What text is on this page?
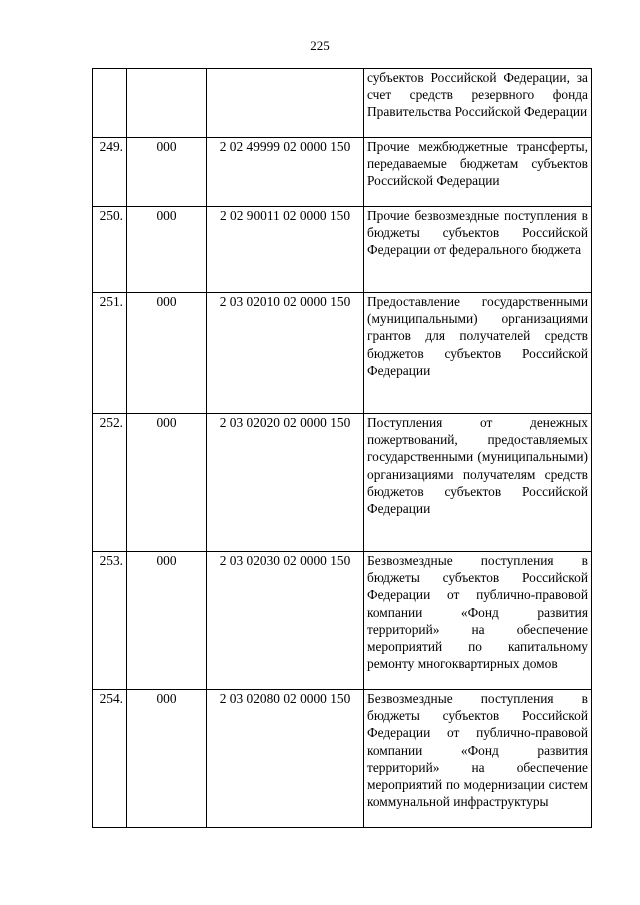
225
			субъектов Российской Федерации, за счет средств резервного фонда Правительства Российской Федерации
249.	000	2 02 49999 02 0000 150	Прочие межбюджетные трансферты, передаваемые бюджетам субъектов Российской Федерации
250.	000	2 02 90011 02 0000 150	Прочие безвозмездные поступления в бюджеты субъектов Российской Федерации от федерального бюджета
251.	000	2 03 02010 02 0000 150	Предоставление государственными (муниципальными) организациями грантов для получателей средств бюджетов субъектов Российской Федерации
252.	000	2 03 02020 02 0000 150	Поступления от денежных пожертвований, предоставляемых государственными (муниципальными) организациями получателям средств бюджетов субъектов Российской Федерации
253.	000	2 03 02030 02 0000 150	Безвозмездные поступления в бюджеты субъектов Российской Федерации от публично-правовой компании «Фонд развития территорий» на обеспечение мероприятий по капитальному ремонту многоквартирных домов
254.	000	2 03 02080 02 0000 150	Безвозмездные поступления в бюджеты субъектов Российской Федерации от публично-правовой компании «Фонд развития территорий» на обеспечение мероприятий по модернизации систем коммунальной инфраструктуры
